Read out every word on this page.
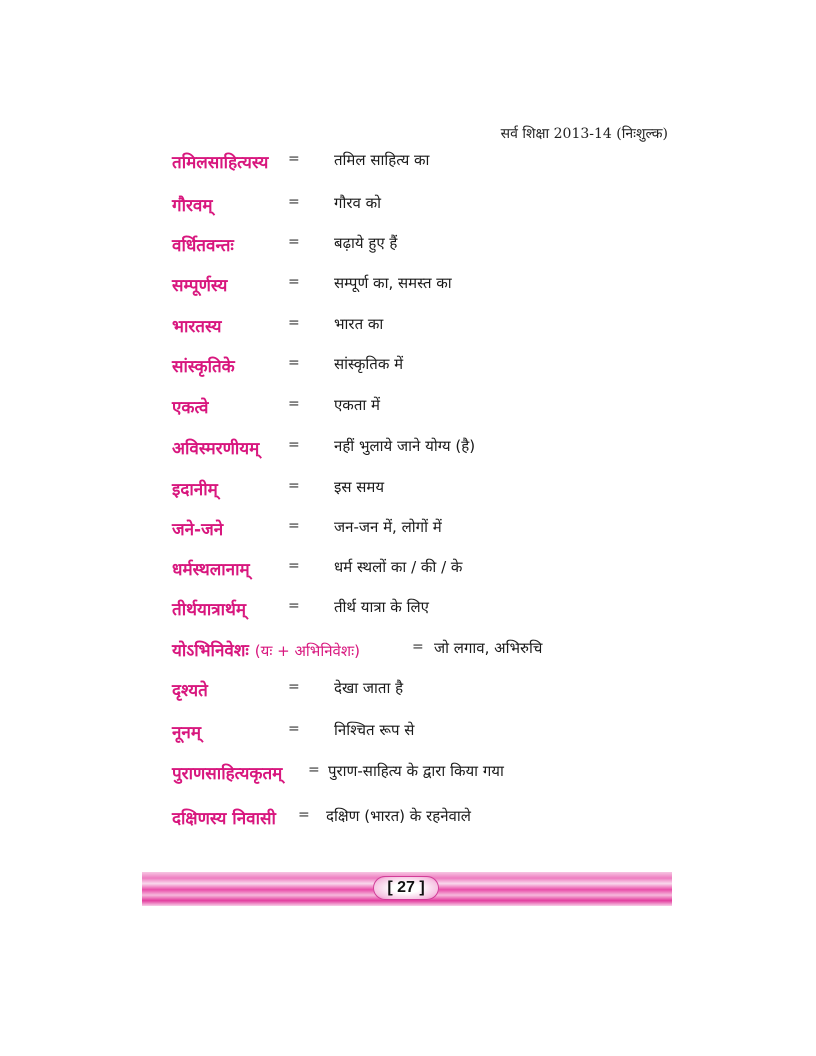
सर्व शिक्षा 2013-14 (निःशुल्क)
तमिलसाहित्यस्य = तमिल साहित्य का
गौरवम्	= गौरव को
वर्धितवन्तः	= बढ़ाये हुए हैं
सम्पूर्णस्य	= सम्पूर्ण का, समस्त का
भारतस्य	= भारत का
सांस्कृतिके	= सांस्कृतिक में
एकत्वे	= एकता में
अविस्मरणीयम् = नहीं भुलाये जाने योग्य (है)
इदानीम्	= इस समय
जने-जने	= जन-जन में, लोगों में
धर्मस्थलानाम्	= धर्म स्थलों का / की / के
तीर्थयात्रार्थम्	= तीर्थ यात्रा के लिए
योऽभिनिवेशः (यः + अभिनिवेशः)	= जो लगाव, अभिरुचि
दृश्यते	= देखा जाता है
नूनम्	= निश्चित रूप से
पुराणसाहित्यकृतम् = पुराण-साहित्य के द्वारा किया गया
दक्षिणस्य निवासी = दक्षिण (भारत) के रहनेवाले
[ 27 ]
